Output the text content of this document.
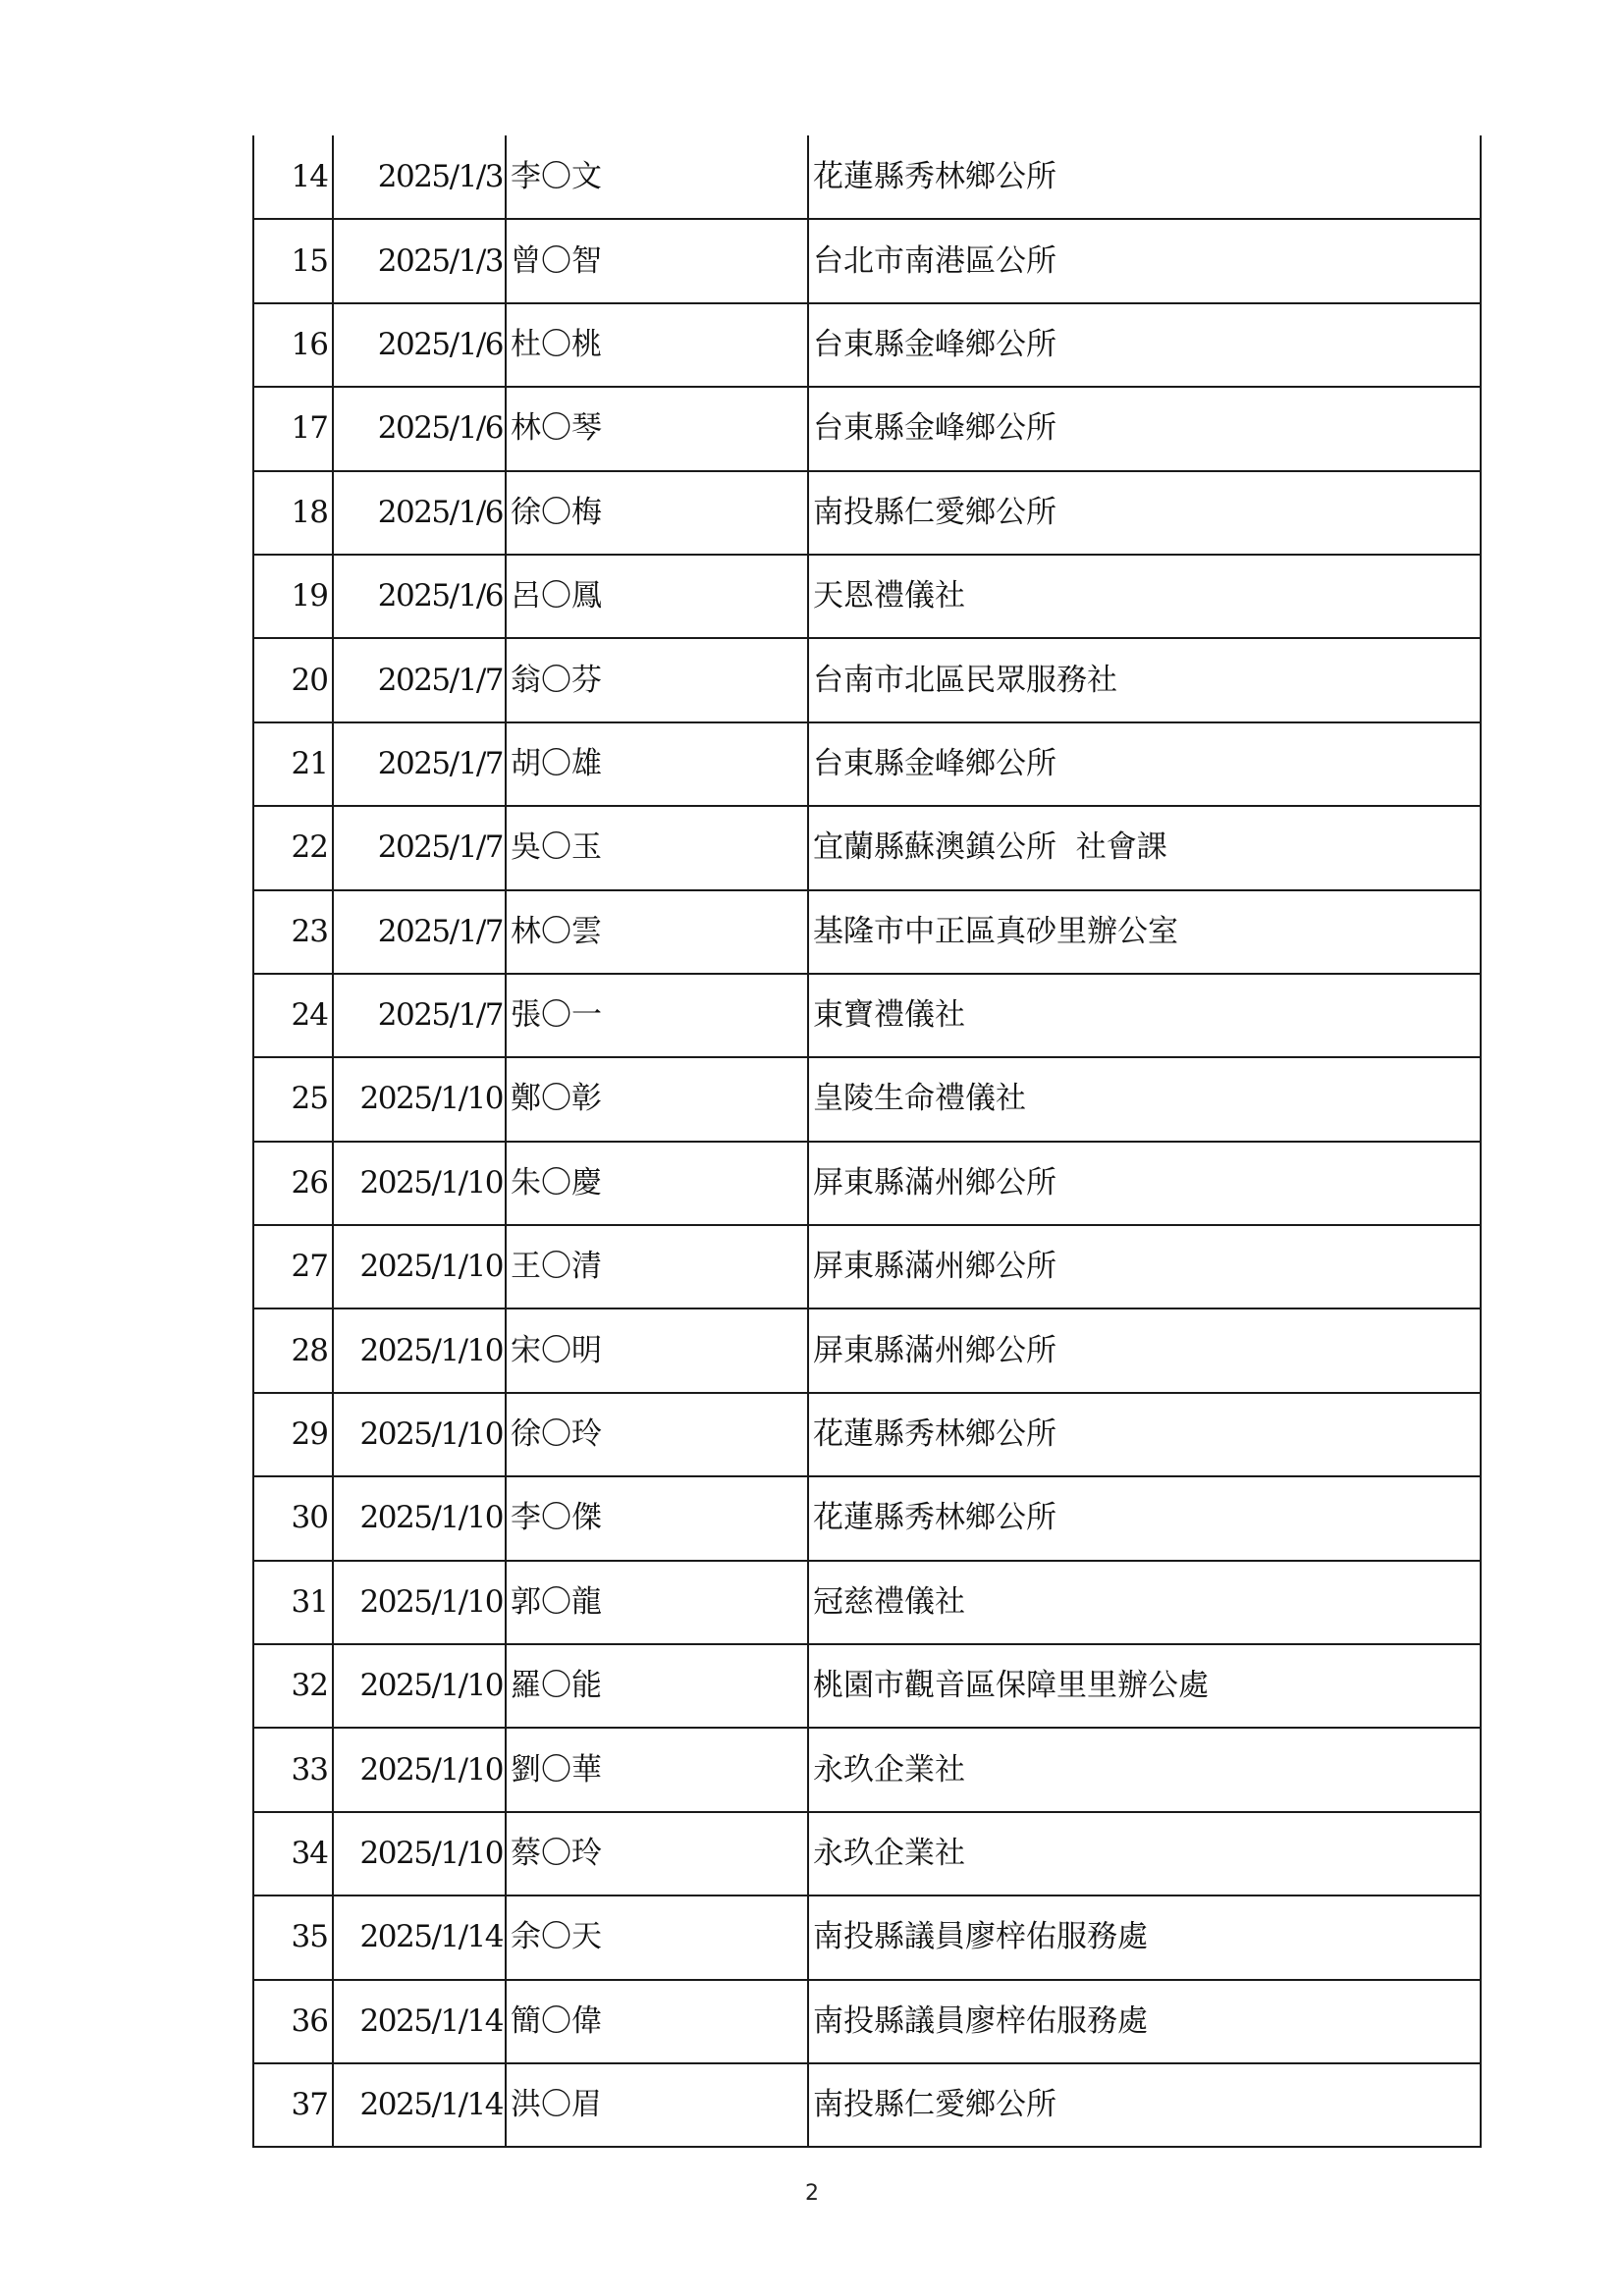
14	2025/1/3	李〇文	花蓮縣秀林鄉公所
15	2025/1/3	曾〇智	台北市南港區公所
16	2025/1/6	杜〇桃	台東縣金峰鄉公所
17	2025/1/6	林〇琴	台東縣金峰鄉公所
18	2025/1/6	徐〇梅	南投縣仁愛鄉公所
19	2025/1/6	呂〇鳳	天恩禮儀社
20	2025/1/7	翁〇芬	台南市北區民眾服務社
21	2025/1/7	胡〇雄	台東縣金峰鄉公所
22	2025/1/7	吳〇玉	宜蘭縣蘇澳鎮公所  社會課
23	2025/1/7	林〇雲	基隆市中正區真砂里辦公室
24	2025/1/7	張〇一	東寶禮儀社
25	2025/1/10	鄭〇彰	皇陵生命禮儀社
26	2025/1/10	朱〇慶	屏東縣滿州鄉公所
27	2025/1/10	王〇清	屏東縣滿州鄉公所
28	2025/1/10	宋〇明	屏東縣滿州鄉公所
29	2025/1/10	徐〇玲	花蓮縣秀林鄉公所
30	2025/1/10	李〇傑	花蓮縣秀林鄉公所
31	2025/1/10	郭〇龍	冠慈禮儀社
32	2025/1/10	羅〇能	桃園市觀音區保障里里辦公處
33	2025/1/10	劉〇華	永玖企業社
34	2025/1/10	蔡〇玲	永玖企業社
35	2025/1/14	余〇天	南投縣議員廖梓佑服務處
36	2025/1/14	簡〇偉	南投縣議員廖梓佑服務處
37	2025/1/14	洪〇眉	南投縣仁愛鄉公所
2
